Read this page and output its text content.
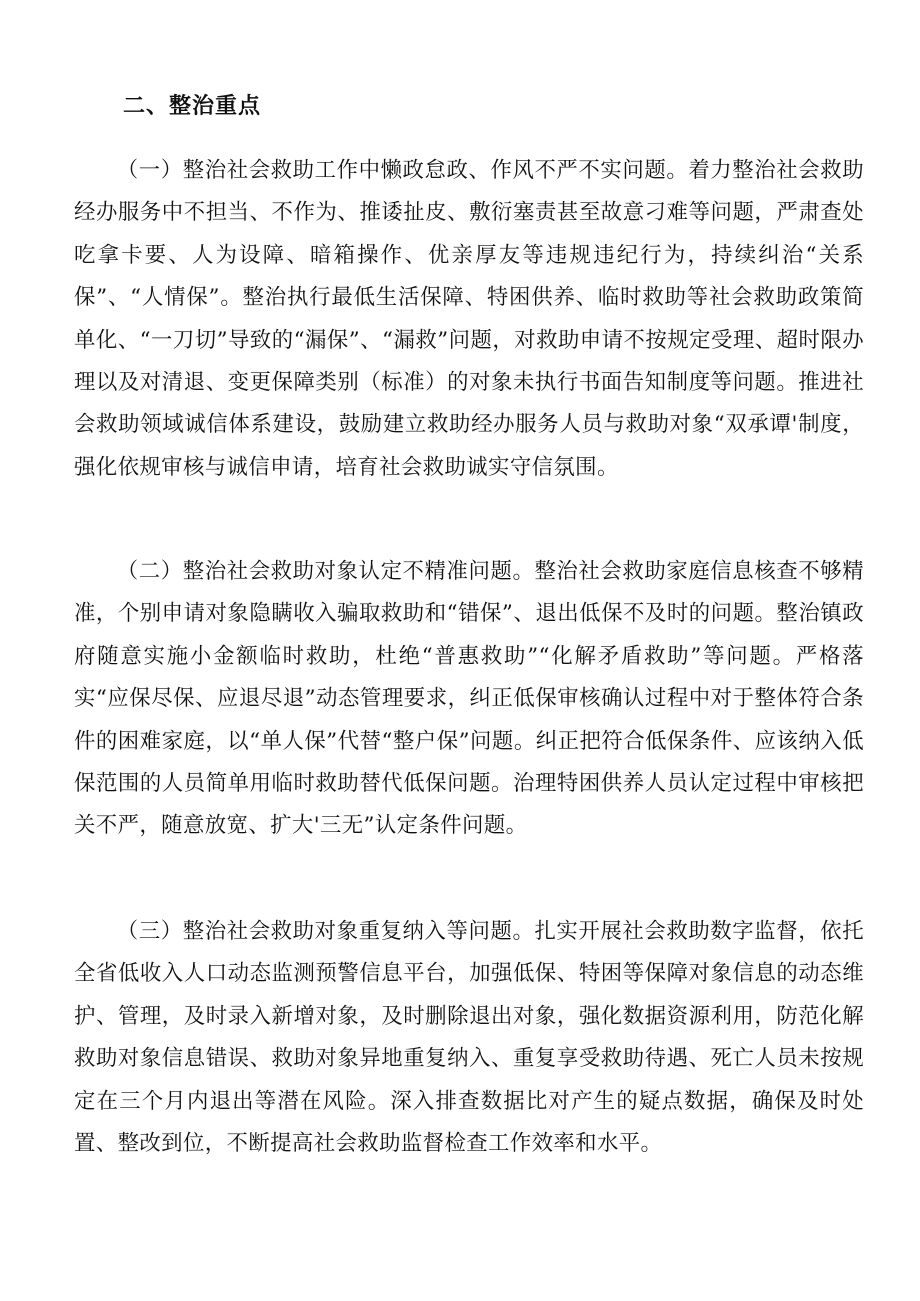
二、整治重点

（一）整治社会救助工作中懒政怠政、作风不严不实问题。着力整治社会救助经办服务中不担当、不作为、推诿扯皮、敷衍塞责甚至故意刁难等问题，严肃查处吃拿卡要、人为设障、暗箱操作、优亲厚友等违规违纪行为，持续纠治“关系保”、“人情保”。整治执行最低生活保障、特困供养、临时救助等社会救助政策简单化、“一刀切”导致的“漏保”、“漏救”问题，对救助申请不按规定受理、超时限办理以及对清退、变更保障类别（标准）的对象未执行书面告知制度等问题。推进社会救助领域诚信体系建设，鼓励建立救助经办服务人员与救助对象“双承谭'制度，强化依规审核与诚信申请，培育社会救助诚实守信氛围。

（二）整治社会救助对象认定不精准问题。整治社会救助家庭信息核查不够精准，个别申请对象隐瞒收入骗取救助和“错保”、退出低保不及时的问题。整治镇政府随意实施小金额临时救助，杜绝“普惠救助”“化解矛盾救助”等问题。严格落实“应保尽保、应退尽退”动态管理要求，纠正低保审核确认过程中对于整体符合条件的困难家庭，以“单人保”代替“整户保”问题。纠正把符合低保条件、应该纳入低保范围的人员简单用临时救助替代低保问题。治理特困供养人员认定过程中审核把关不严，随意放宽、扩大'三无”认定条件问题。

（三）整治社会救助对象重复纳入等问题。扎实开展社会救助数字监督，依托全省低收入人口动态监测预警信息平台，加强低保、特困等保障对象信息的动态维护、管理，及时录入新增对象，及时删除退出对象，强化数据资源利用，防范化解救助对象信息错误、救助对象异地重复纳入、重复享受救助待遇、死亡人员未按规定在三个月内退出等潜在风险。深入排查数据比对产生的疑点数据，确保及时处置、整改到位，不断提高社会救助监督检查工作效率和水平。
